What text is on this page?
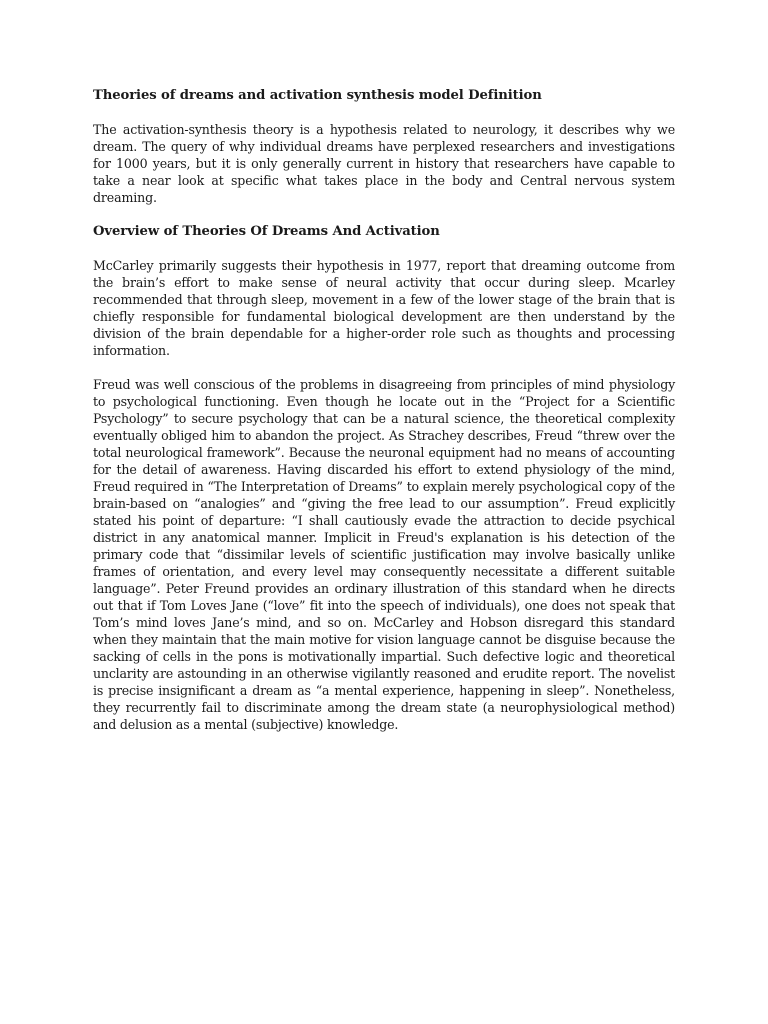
Theories of dreams and activation synthesis model Definition

The activation-synthesis theory is a hypothesis related to neurology, it describes why we dream. The query of why individual dreams have perplexed researchers and investigations for 1000 years, but it is only generally current in history that researchers have capable to take a near look at specific what takes place in the body and Central nervous system dreaming.

Overview of Theories Of Dreams And Activation

McCarley primarily suggests their hypothesis in 1977, report that dreaming outcome from the brain’s effort to make sense of neural activity that occur during sleep. Mcarley recommended that through sleep, movement in a few of the lower stage of the brain that is chiefly responsible for fundamental biological development are then understand by the division of the brain dependable for a higher-order role such as thoughts and processing information.

Freud was well conscious of the problems in disagreeing from principles of mind physiology to psychological functioning. Even though he locate out in the “Project for a Scientific Psychology” to secure psychology that can be a natural science, the theoretical complexity eventually obliged him to abandon the project. As Strachey describes, Freud “threw over the total neurological framework”. Because the neuronal equipment had no means of accounting for the detail of awareness. Having discarded his effort to extend physiology of the mind, Freud required in “The Interpretation of Dreams” to explain merely psychological copy of the brain-based on “analogies” and “giving the free lead to our assumption”. Freud explicitly stated his point of departure: “I shall cautiously evade the attraction to decide psychical district in any anatomical manner. Implicit in Freud's explanation is his detection of the primary code that “dissimilar levels of scientific justification may involve basically unlike frames of orientation, and every level may consequently necessitate a different suitable language”. Peter Freund provides an ordinary illustration of this standard when he directs out that if Tom Loves Jane (“love” fit into the speech of individuals), one does not speak that Tom’s mind loves Jane’s mind, and so on. McCarley and Hobson disregard this standard when they maintain that the main motive for vision language cannot be disguise because the sacking of cells in the pons is motivationally impartial. Such defective logic and theoretical unclarity are astounding in an otherwise vigilantly reasoned and erudite report. The novelist is precise insignificant a dream as “a mental experience, happening in sleep”. Nonetheless, they recurrently fail to discriminate among the dream state (a neurophysiological method) and delusion as a mental (subjective) knowledge.
